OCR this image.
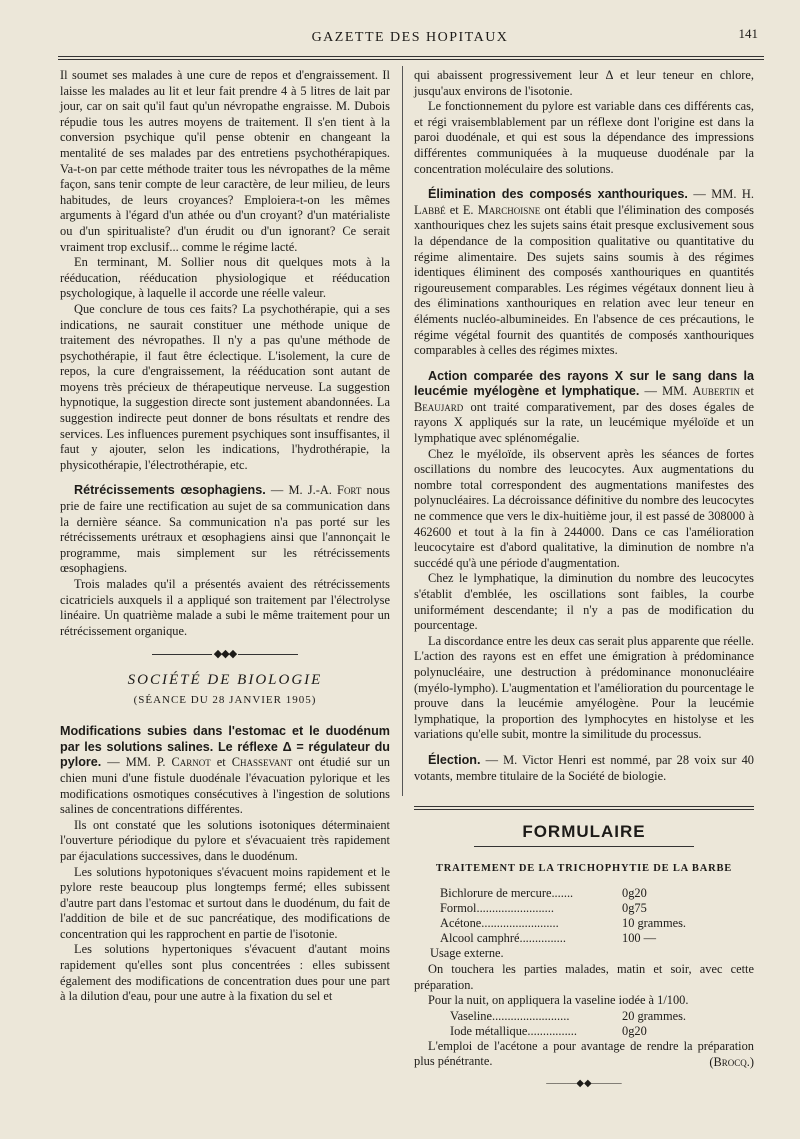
GAZETTE DES HOPITAUX	141

Il soumet ses malades à une cure de repos et d'engraissement. Il laisse les malades au lit et leur fait prendre 4 à 5 litres de lait par jour, car on sait qu'il faut qu'un névropathe engraisse. M. Dubois répudie tous les autres moyens de traitement. Il s'en tient à la conversion psychique qu'il pense obtenir en changeant la mentalité de ses malades par des entretiens psychothérapiques. Va-t-on par cette méthode traiter tous les névropathes de la même façon, sans tenir compte de leur caractère, de leur milieu, de leurs habitudes, de leurs croyances? Emploiera-t-on les mêmes arguments à l'égard d'un athée ou d'un croyant? d'un matérialiste ou d'un spiritualiste? d'un érudit ou d'un ignorant? Ce serait vraiment trop exclusif... comme le régime lacté.

En terminant, M. Sollier nous dit quelques mots à la rééducation, rééducation physiologique et rééducation psychologique, à laquelle il accorde une réelle valeur.

Que conclure de tous ces faits? La psychothérapie, qui a ses indications, ne saurait constituer une méthode unique de traitement des névropathes. Il n'y a pas qu'une méthode de psychothérapie, il faut être éclectique. L'isolement, la cure de repos, la cure d'engraissement, la rééducation sont autant de moyens très précieux de thérapeutique nerveuse. La suggestion hypnotique, la suggestion directe sont justement abandonnées. La suggestion indirecte peut donner de bons résultats et rendre des services. Les influences purement psychiques sont insuffisantes, il faut y ajouter, selon les indications, l'hydrothérapie, la physicothérapie, l'électrothérapie, etc.

Rétrécissements œsophagiens. — M. J.-A. Fort nous prie de faire une rectification au sujet de sa communication dans la dernière séance. Sa communication n'a pas porté sur les rétrécissements urétraux et œsophagiens ainsi que l'annonçait le programme, mais simplement sur les rétrécissements œsophagiens.

Trois malades qu'il a présentés avaient des rétrécissements cicatriciels auxquels il a appliqué son traitement par l'électrolyse linéaire. Un quatrième malade a subi le même traitement pour un rétrécissement organique.

◆◆◆
SOCIÉTÉ DE BIOLOGIE
(SÉANCE DU 28 JANVIER 1905)

Modifications subies dans l'estomac et le duodénum par les solutions salines. Le réflexe Δ = régulateur du pylore. — MM. P. Carnot et Chassevant ont étudié sur un chien muni d'une fistule duodénale l'évacuation pylorique et les modifications osmotiques consécutives à l'ingestion de solutions salines de concentrations différentes.

Ils ont constaté que les solutions isotoniques déterminaient l'ouverture périodique du pylore et s'évacuaient très rapidement par éjaculations successives, dans le duodénum.

Les solutions hypotoniques s'évacuent moins rapidement et le pylore reste beaucoup plus longtemps fermé; elles subissent d'autre part dans l'estomac et surtout dans le duodénum, du fait de l'addition de bile et de suc pancréatique, des modifications de concentration qui les rapprochent en partie de l'isotonie.

Les solutions hypertoniques s'évacuent d'autant moins rapidement qu'elles sont plus concentrées : elles subissent également des modifications de concentration dues pour une part à la dilution d'eau, pour une autre à la fixation du sel et

qui abaissent progressivement leur Δ et leur teneur en chlore, jusqu'aux environs de l'isotonie.

Le fonctionnement du pylore est variable dans ces différents cas, et régi vraisemblablement par un réflexe dont l'origine est dans la paroi duodénale, et qui est sous la dépendance des impressions différentes communiquées à la muqueuse duodénale par la concentration moléculaire des solutions.

Élimination des composés xanthouriques. — MM. H. Labbé et E. Marchoisne ont établi que l'élimination des composés xanthouriques chez les sujets sains était presque exclusivement sous la dépendance de la composition qualitative ou quantitative du régime alimentaire. Des sujets sains soumis à des régimes identiques éliminent des composés xanthouriques en quantités rigoureusement comparables. Les régimes végétaux donnent lieu à des éliminations xanthouriques en relation avec leur teneur en éléments nucléo-albumineides. En l'absence de ces précautions, le régime végétal fournit des quantités de composés xanthouriques comparables à celles des régimes mixtes.

Action comparée des rayons X sur le sang dans la leucémie myélogène et lymphatique. — MM. Aubertin et Beaujard ont traité comparativement, par des doses égales de rayons X appliqués sur la rate, un leucémique myéloïde et un lymphatique avec splénomégalie.

Chez le myéloïde, ils observent après les séances de fortes oscillations du nombre des leucocytes. Aux augmentations du nombre total correspondent des augmentations manifestes des polynucléaires. La décroissance définitive du nombre des leucocytes ne commence que vers le dix-huitième jour, il est passé de 308000 à 462600 et tout à la fin à 244000. Dans ce cas l'amélioration leucocytaire est d'abord qualitative, la diminution de nombre n'a succédé qu'à une période d'augmentation.

Chez le lymphatique, la diminution du nombre des leucocytes s'établit d'emblée, les oscillations sont faibles, la courbe uniformément descendante; il n'y a pas de modification du pourcentage.

La discordance entre les deux cas serait plus apparente que réelle. L'action des rayons est en effet une émigration à prédominance polynucléaire, une destruction à prédominance mononucléaire (myélo-lympho). L'augmentation et l'amélioration du pourcentage le prouve dans la leucémie amyélogène. Pour la leucémie lymphatique, la proportion des lymphocytes en histolyse et les variations qu'elle subit, montre la similitude du processus.

Élection. — M. Victor Henri est nommé, par 28 voix sur 40 votants, membre titulaire de la Société de biologie.

FORMULAIRE
TRAITEMENT DE LA TRICHOPHYTIE DE LA BARBE
Bichlorure de mercure.......	0g20
Formol.........................	0g75
Acétone.........................	10 grammes.
Alcool camphré...............	100 —

Usage externe.

On touchera les parties malades, matin et soir, avec cette préparation.

Pour la nuit, on appliquera la vaseline iodée à 1/100.

Vaseline.........................	20 grammes.
Iode métallique................	0g20

L'emploi de l'acétone a pour avantage de rendre la préparation plus pénétrante.	(Brocq.)
———◆◆———
